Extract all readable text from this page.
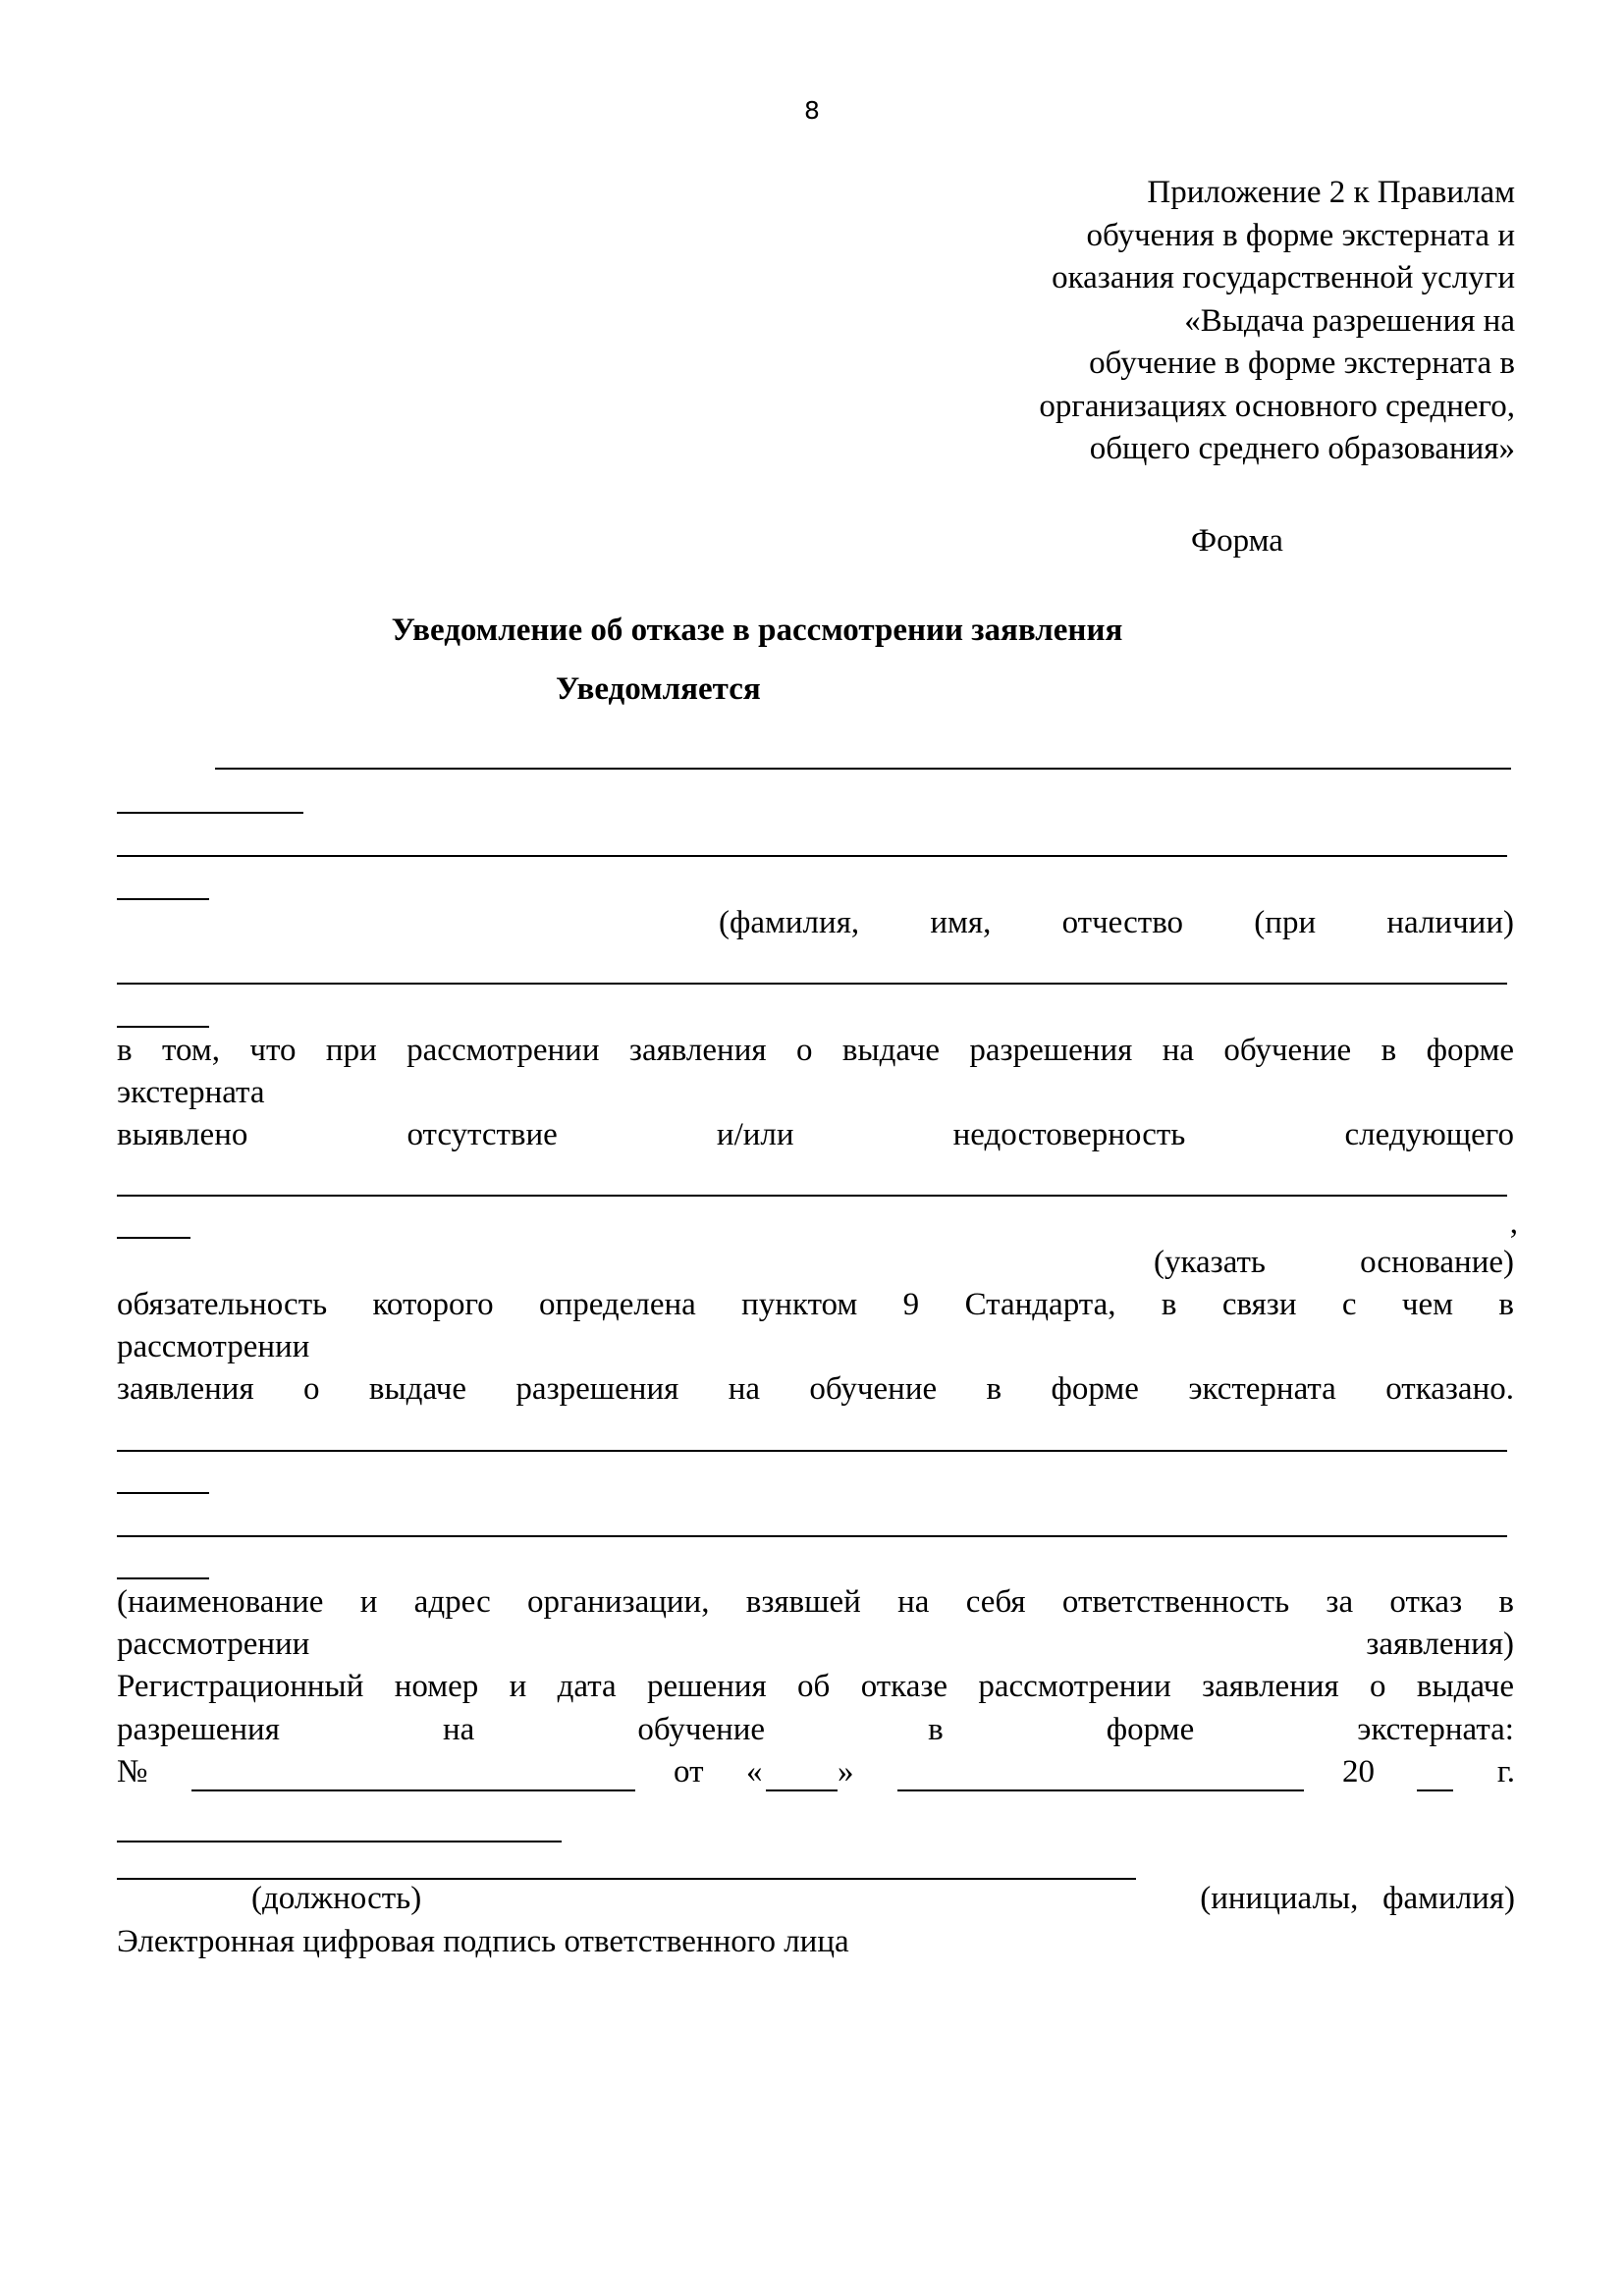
8
Приложение 2 к Правилам
обучения в форме экстерната и
оказания государственной услуги
«Выдача разрешения на
обучение в форме экстерната в
организациях основного среднего,
общего среднего образования»
Форма
Уведомление об отказе в рассмотрении заявления
Уведомляется
(фамилия, имя, отчество (при наличии)
в том, что при рассмотрении заявления о выдаче разрешения на обучение в форме
экстерната
выявлено	отсутствие	и/или	недостоверность	следующего
,
(указать	основание)
обязательность которого определена пунктом 9 Стандарта, в связи с чем в
рассмотрении
заявления о выдаче разрешения на обучение в форме экстерната отказано.
(наименование и адрес организации, взявшей на себя ответственность за отказ в
рассмотрении	заявления)
Регистрационный номер и дата решения об отказе рассмотрении заявления о выдаче
разрешения	на	обучение	в	форме	экстерната:
№	от « »	20	г.
(должность)	(инициалы,   фамилия)
Электронная цифровая подпись ответственного лица
